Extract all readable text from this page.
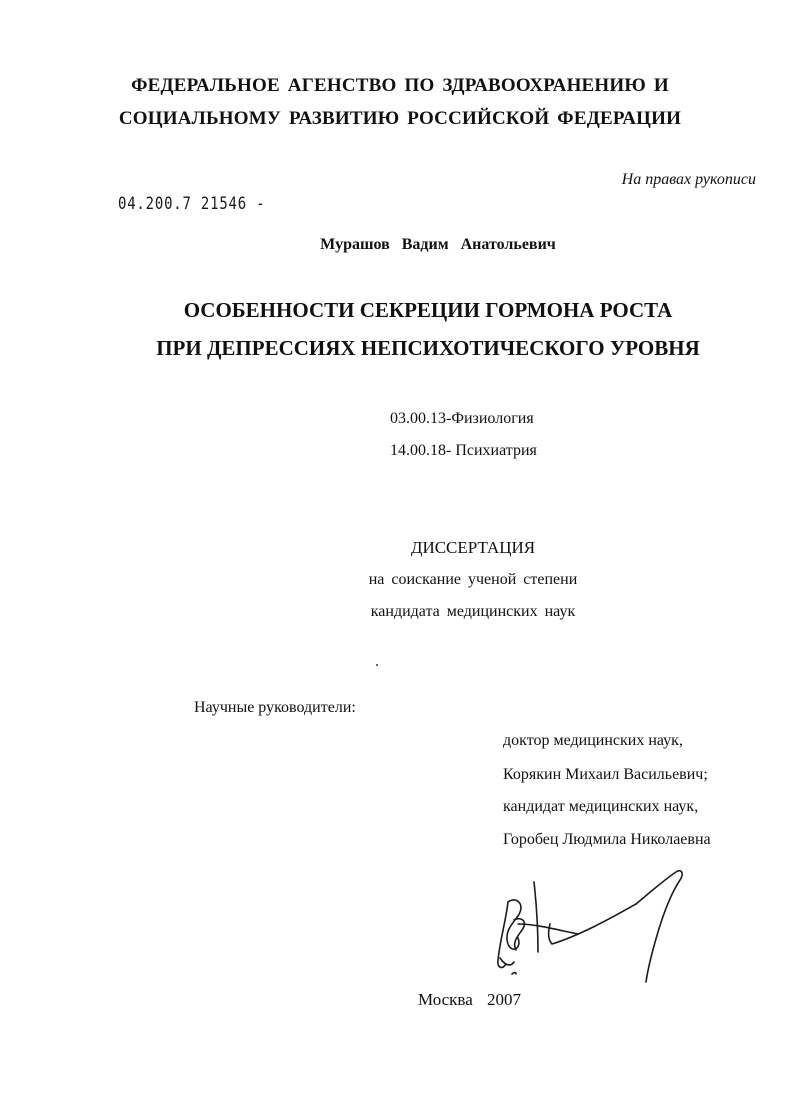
ФЕДЕРАЛЬНОЕ АГЕНСТВО ПО ЗДРАВООХРАНЕНИЮ И
СОЦИАЛЬНОМУ РАЗВИТИЮ РОССИЙСКОЙ ФЕДЕРАЦИИ
На правах рукописи
04.200.7 21546 -
Мурашов Вадим Анатольевич
ОСОБЕННОСТИ СЕКРЕЦИИ ГОРМОНА РОСТА
ПРИ ДЕПРЕССИЯХ НЕПСИХОТИЧЕСКОГО УРОВНЯ
03.00.13-Физиология
14.00.18- Психиатрия
ДИССЕРТАЦИЯ
на соискание ученой степени
кандидата медицинских наук
Научные руководители:
доктор медицинских наук,
Корякин Михаил Васильевич;
кандидат медицинских наук,
Горобец Людмила Николаевна
Москва 2007
